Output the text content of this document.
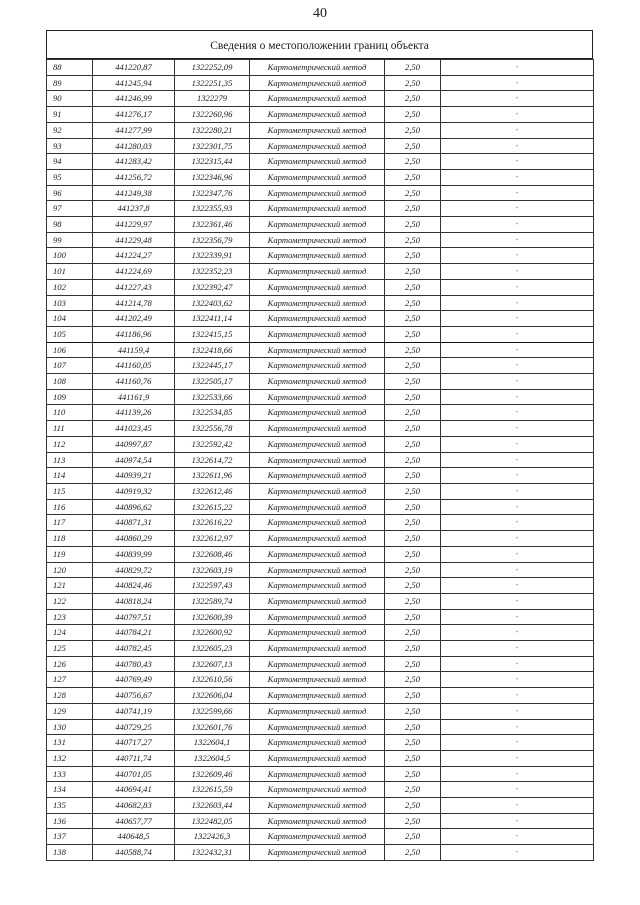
40
Сведения о местоположении границ объекта
88	441220,87	1322252,09	Картометрический метод	2,50	-
89	441245,94	1322251,35	Картометрический метод	2,50	-
90	441246,99	1322279	Картометрический метод	2,50	-
91	441276,17	1322260,96	Картометрический метод	2,50	-
92	441277,99	1322280,21	Картометрический метод	2,50	-
93	441280,03	1322301,75	Картометрический метод	2,50	-
94	441283,42	1322315,44	Картометрический метод	2,50	-
95	441256,72	1322346,96	Картометрический метод	2,50	-
96	441249,38	1322347,76	Картометрический метод	2,50	-
97	441237,8	1322355,93	Картометрический метод	2,50	-
98	441229,97	1322361,46	Картометрический метод	2,50	-
99	441229,48	1322356,79	Картометрический метод	2,50	-
100	441224,27	1322339,91	Картометрический метод	2,50	-
101	441224,69	1322352,23	Картометрический метод	2,50	-
102	441227,43	1322392,47	Картометрический метод	2,50	-
103	441214,78	1322403,62	Картометрический метод	2,50	-
104	441202,49	1322411,14	Картометрический метод	2,50	-
105	441186,96	1322415,15	Картометрический метод	2,50	-
106	441159,4	1322418,66	Картометрический метод	2,50	-
107	441160,05	1322445,17	Картометрический метод	2,50	-
108	441160,76	1322505,17	Картометрический метод	2,50	-
109	441161,9	1322533,66	Картометрический метод	2,50	-
110	441139,26	1322534,85	Картометрический метод	2,50	-
111	441023,45	1322556,78	Картометрический метод	2,50	-
112	440997,87	1322592,42	Картометрический метод	2,50	-
113	440974,54	1322614,72	Картометрический метод	2,50	-
114	440939,21	1322611,96	Картометрический метод	2,50	-
115	440919,32	1322612,46	Картометрический метод	2,50	-
116	440896,62	1322615,22	Картометрический метод	2,50	-
117	440871,31	1322616,22	Картометрический метод	2,50	-
118	440860,29	1322612,97	Картометрический метод	2,50	-
119	440839,99	1322608,46	Картометрический метод	2,50	-
120	440829,72	1322603,19	Картометрический метод	2,50	-
121	440824,46	1322597,43	Картометрический метод	2,50	-
122	440818,24	1322589,74	Картометрический метод	2,50	-
123	440797,51	1322600,39	Картометрический метод	2,50	-
124	440784,21	1322600,92	Картометрический метод	2,50	-
125	440782,45	1322605,23	Картометрический метод	2,50	-
126	440780,43	1322607,13	Картометрический метод	2,50	-
127	440769,49	1322610,56	Картометрический метод	2,50	-
128	440756,67	1322606,04	Картометрический метод	2,50	-
129	440741,19	1322599,66	Картометрический метод	2,50	-
130	440729,25	1322601,76	Картометрический метод	2,50	-
131	440717,27	1322604,1	Картометрический метод	2,50	-
132	440711,74	1322604,5	Картометрический метод	2,50	-
133	440701,05	1322609,46	Картометрический метод	2,50	-
134	440694,41	1322615,59	Картометрический метод	2,50	-
135	440682,83	1322603,44	Картометрический метод	2,50	-
136	440657,77	1322482,05	Картометрический метод	2,50	-
137	440648,5	1322426,3	Картометрический метод	2,50	-
138	440588,74	1322432,31	Картометрический метод	2,50	-
